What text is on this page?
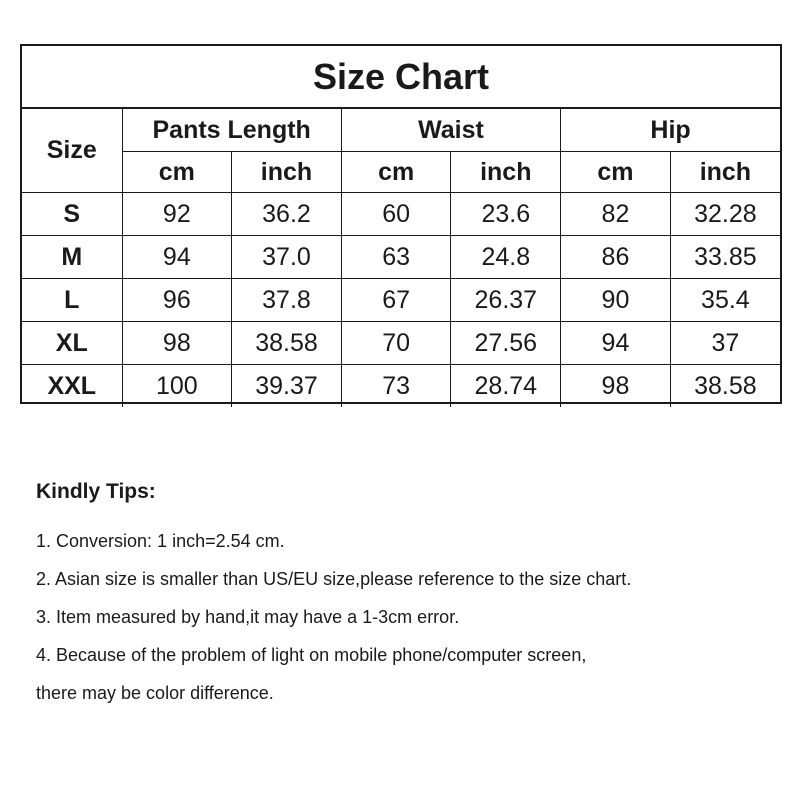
Size Chart
Size	Pants Length		Waist		Hip	
	cm	inch	cm	inch	cm	inch
S	92	36.2	60	23.6	82	32.28
M	94	37.0	63	24.8	86	33.85
L	96	37.8	67	26.37	90	35.4
XL	98	38.58	70	27.56	94	37
XXL	100	39.37	73	28.74	98	38.58
Kindly Tips:

1. Conversion: 1 inch=2.54 cm.

2. Asian size is smaller than US/EU size,please reference to the size chart.

3. Item measured by hand,it may have a 1-3cm error.

4. Because of the problem of light on mobile phone/computer screen,

there may be color difference.
